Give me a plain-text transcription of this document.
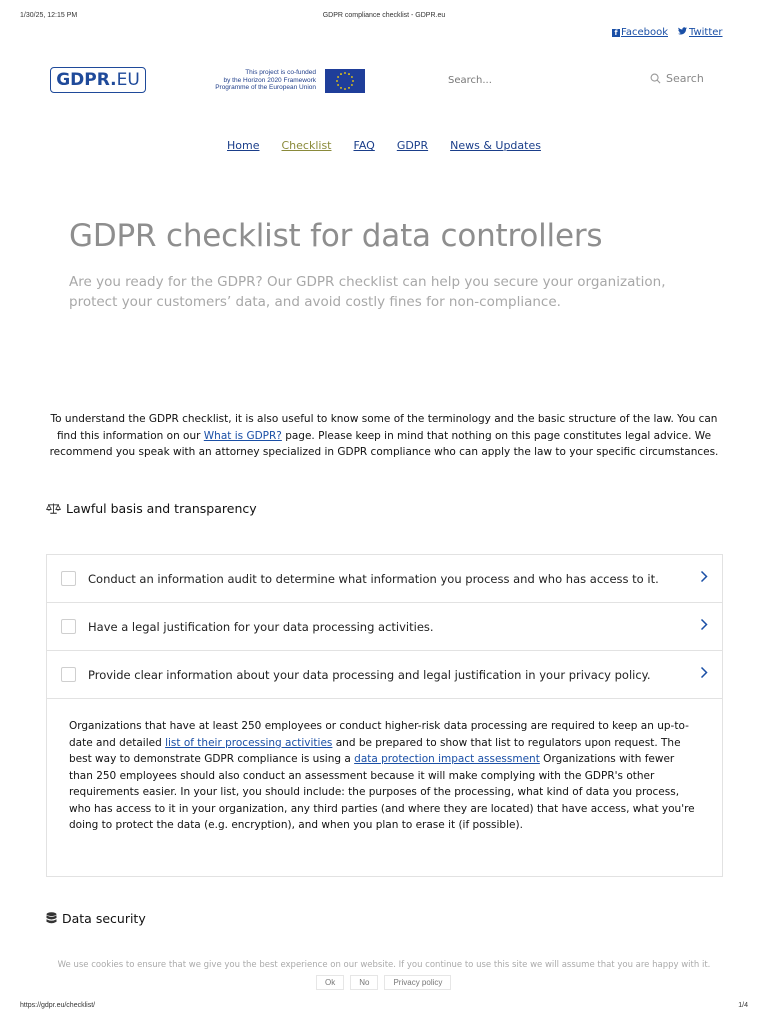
1/30/25, 12:15 PM	GDPR compliance checklist - GDPR.eu
f Facebook	Twitter
GDPR. EU	This project is co-funded
by the Horizon 2020 Framework
Programme of the European Union
Search...
Search
Home Checklist FAQ GDPR News & Updates
GDPR checklist for data controllers

Are you ready for the GDPR? Our GDPR checklist can help you secure your organization, protect your customers’ data, and avoid costly fines for non-compliance.

To understand the GDPR checklist, it is also useful to know some of the terminology and the basic structure of the law. You can find this information on our What is GDPR? page. Please keep in mind that nothing on this page constitutes legal advice. We recommend you speak with an attorney specialized in GDPR compliance who can apply the law to your specific circumstances.

Lawful basis and transparency
Conduct an information audit to determine what information you process and who has access to it.
Have a legal justification for your data processing activities.
Provide clear information about your data processing and legal justification in your privacy policy.
Organizations that have at least 250 employees or conduct higher-risk data processing are required to keep an up-to-date and detailed list of their processing activities and be prepared to show that list to regulators upon request. The best way to demonstrate GDPR compliance is using a data protection impact assessment Organizations with fewer than 250 employees should also conduct an assessment because it will make complying with the GDPR's other requirements easier. In your list, you should include: the purposes of the processing, what kind of data you process, who has access to it in your organization, any third parties (and where they are located) that have access, what you're doing to protect the data (e.g. encryption), and when you plan to erase it (if possible).
Data security

We use cookies to ensure that we give you the best experience on our website. If you continue to use this site we will assume that you are happy with it.

Ok	No	Privacy policy
https://gdpr.eu/checklist/	1/4
